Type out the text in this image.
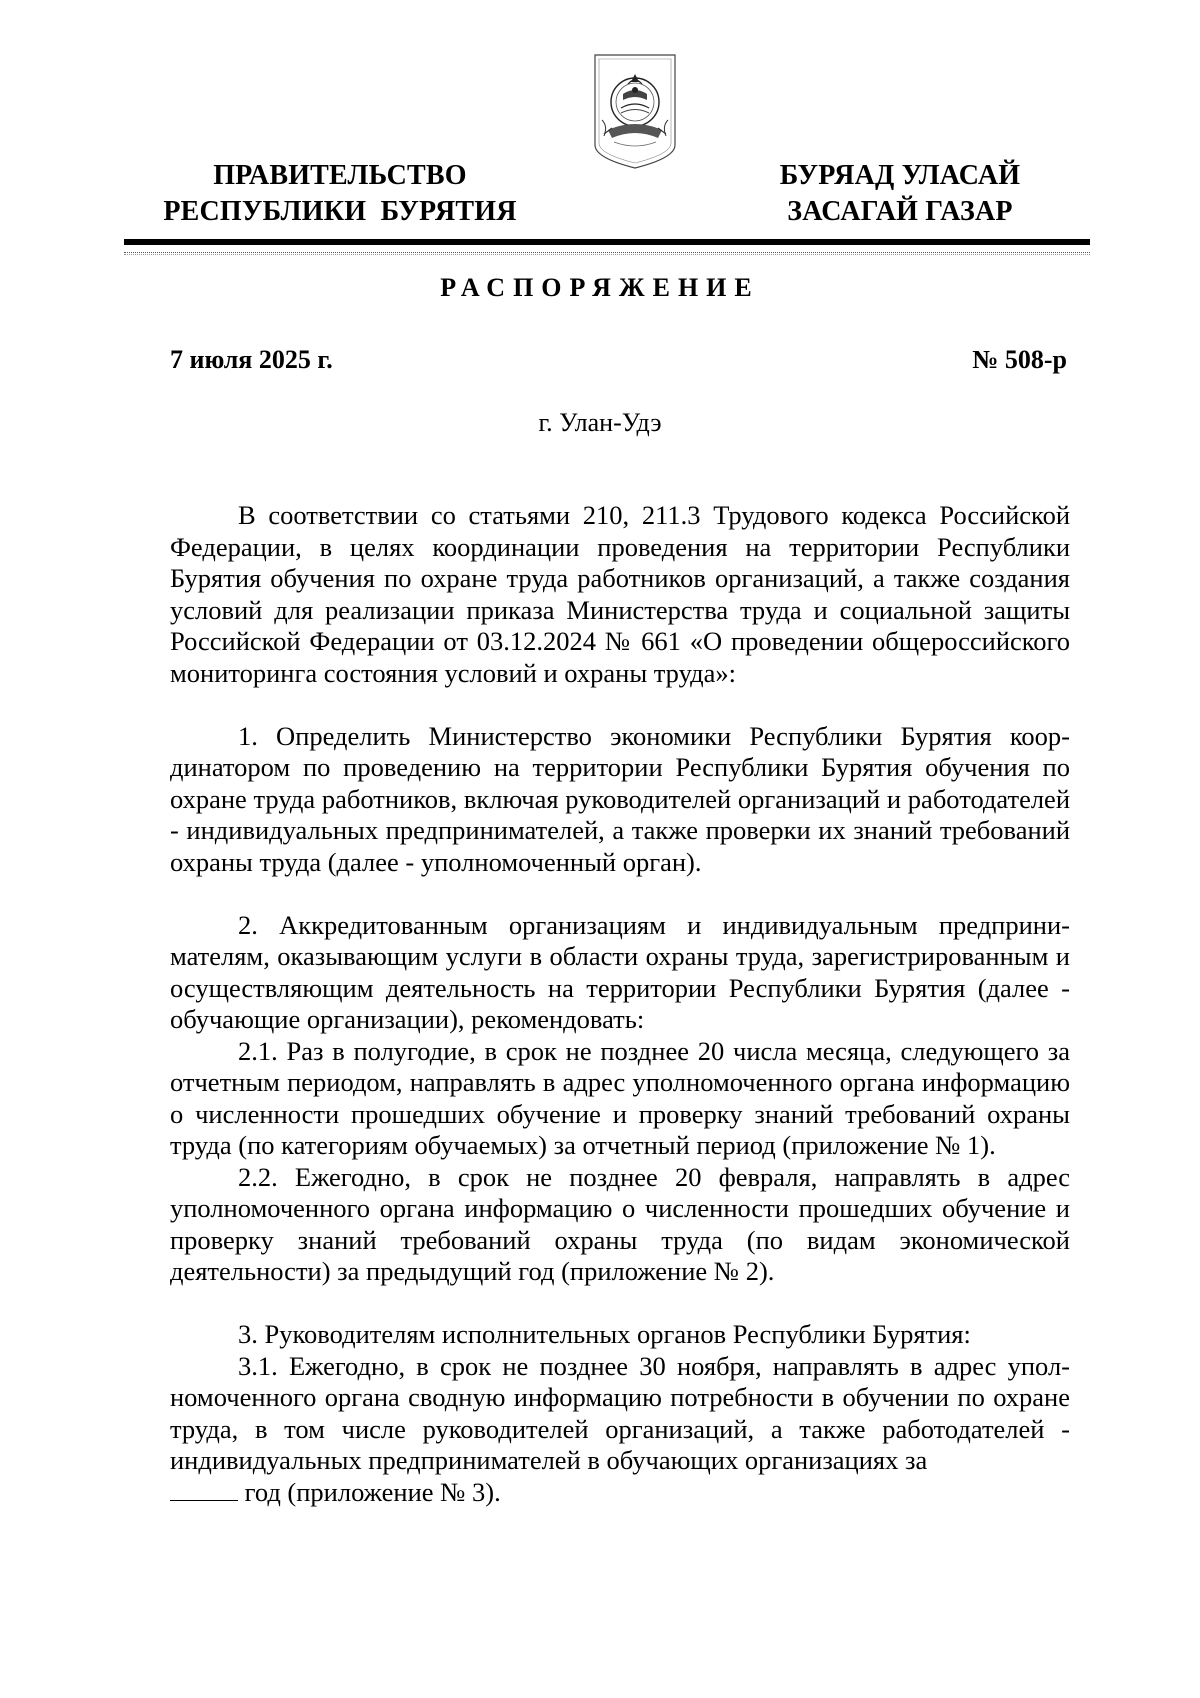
ПРАВИТЕЛЬСТВО
РЕСПУБЛИКИ  БУРЯТИЯ
БУРЯАД УЛАСАЙ
ЗАСАГАЙ ГАЗАР
РАСПОРЯЖЕНИЕ
7 июля 2025 г.	№ 508-р
г. Улан-Удэ

В соответствии со статьями 210, 211.3 Трудового кодекса Российской Федерации, в целях координации проведения на территории Республики Бурятия обучения по охране труда работников организаций, а также создания условий для реализации приказа Министерства труда и социальной защиты Российской Федерации от 03.12.2024 № 661 «О проведении общероссийского мониторинга состояния условий и охраны труда»:

1. Определить Министерство экономики Республики Бурятия координатором по проведению на территории Республики Бурятия обучения по охране труда работников, включая руководителей организаций и работодателей - индивидуальных предпринимателей, а также проверки их знаний требований охраны труда (далее - уполномоченный орган).

2. Аккредитованным организациям и индивидуальным предпринимателям, оказывающим услуги в области охраны труда, зарегистрированным и осуществляющим деятельность на территории Республики Бурятия (далее - обучающие организации), рекомендовать:

2.1. Раз в полугодие, в срок не позднее 20 числа месяца, следующего за отчетным периодом, направлять в адрес уполномоченного органа информацию о численности прошедших обучение и проверку знаний требований охраны труда (по категориям обучаемых) за отчетный период (приложение № 1).

2.2. Ежегодно, в срок не позднее 20 февраля, направлять в адрес уполномоченного органа информацию о численности прошедших обучение и проверку знаний требований охраны труда (по видам экономической деятельности) за предыдущий год (приложение № 2).

3. Руководителям исполнительных органов Республики Бурятия:

3.1. Ежегодно, в срок не позднее 30 ноября, направлять в адрес уполномоченного органа сводную информацию потребности в обучении по охране труда, в том числе руководителей организаций, а также работодателей - индивидуальных предпринимателей в обучающих организациях за
год (приложение № 3).
